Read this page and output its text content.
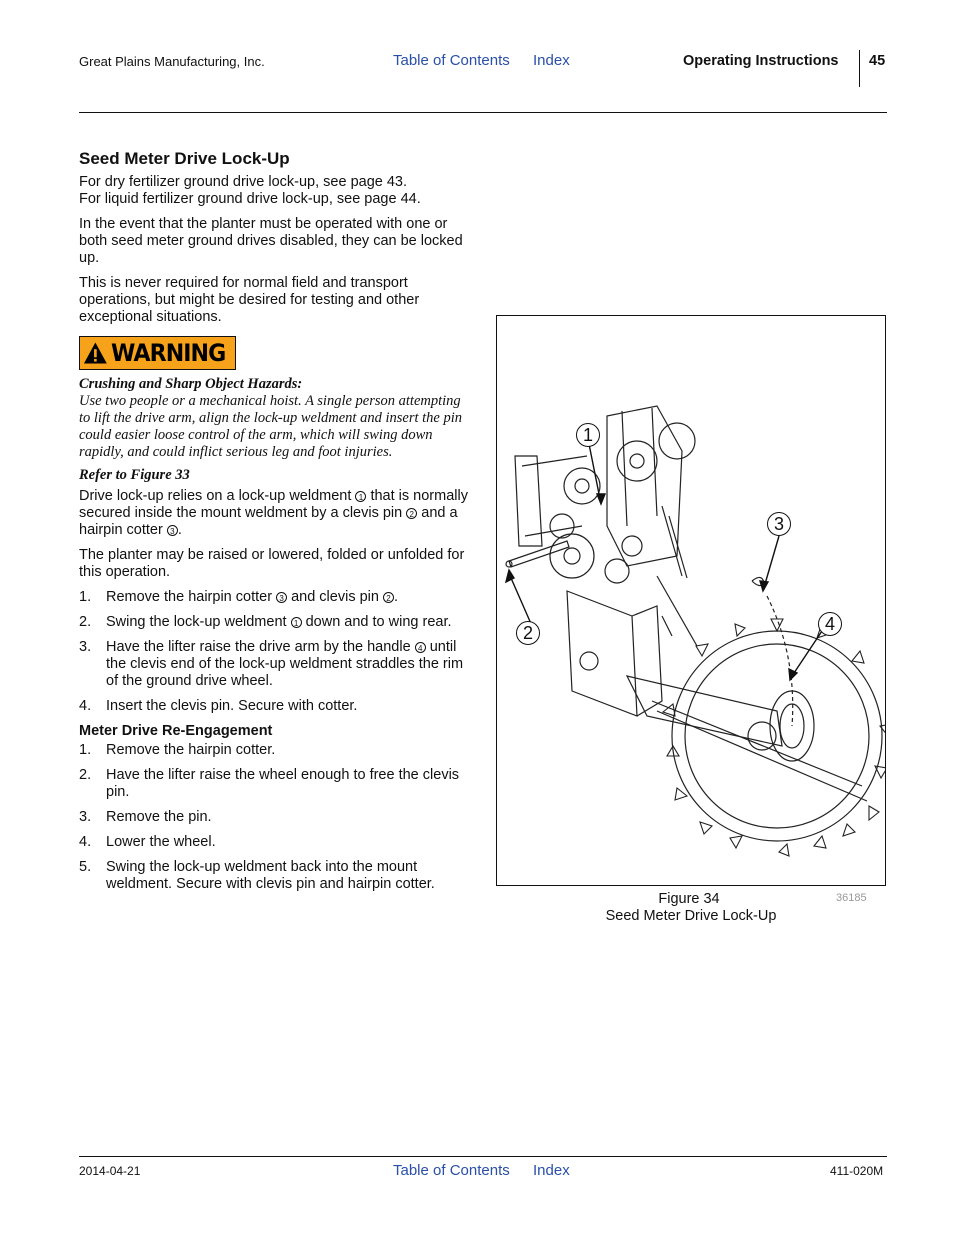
Great Plains Manufacturing, Inc.	Table of Contents Index	Operating Instructions 45
Seed Meter Drive Lock-Up

For dry fertilizer ground drive lock-up, see page 43.
For liquid fertilizer ground drive lock-up, see page 44.

In the event that the planter must be operated with one or both seed meter ground drives disabled, they can be locked up.

This is never required for normal field and transport operations, but might be desired for testing and other exceptional situations.

WARNING
Crushing and Sharp Object Hazards:
Use two people or a mechanical hoist. A single person attempting to lift the drive arm, align the lock-up weldment and insert the pin could easier loose control of the arm, which will swing down rapidly, and could inflict serious leg and foot injuries.
Refer to Figure 33

Drive lock-up relies on a lock-up weldment 1 that is normally secured inside the mount weldment by a clevis pin 2 and a hairpin cotter 3 .

The planter may be raised or lowered, folded or unfolded for this operation.

1.	Remove the hairpin cotter 3 and clevis pin 2 .
2.	Swing the lock-up weldment 1 down and to wing rear.
3.	Have the lifter raise the drive arm by the handle 4 until the clevis end of the lock-up weldment straddles the rim of the ground drive wheel.
4.	Insert the clevis pin. Secure with cotter.
Meter Drive Re-Engagement
1.	Remove the hairpin cotter.
2.	Have the lifter raise the wheel enough to free the clevis pin.
3.	Remove the pin.
4.	Lower the wheel.
5.	Swing the lock-up weldment back into the mount weldment. Secure with clevis pin and hairpin cotter.
1
2
3
4
Figure 34
Seed Meter Drive Lock-Up
36185
2014-04-21	Table of Contents Index	411-020M
